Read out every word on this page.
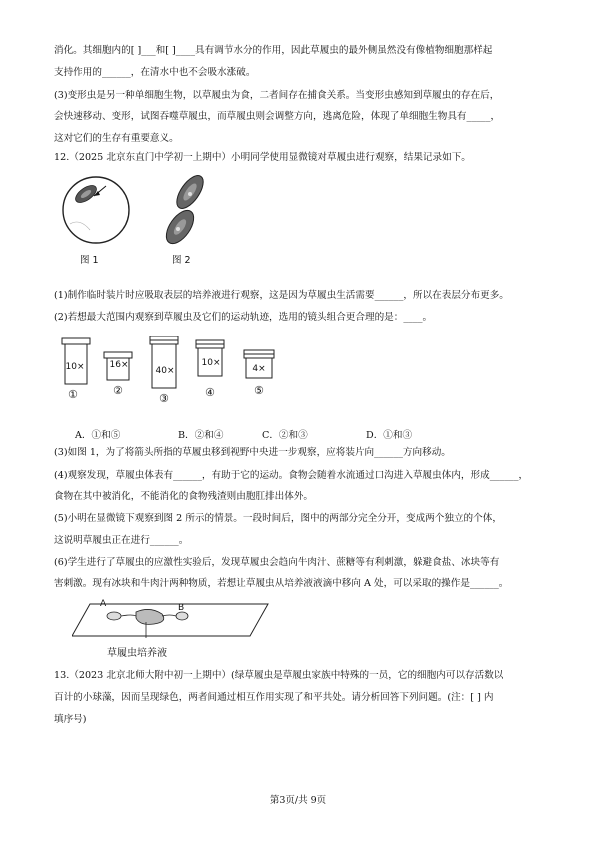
消化。其细胞内的[ ]___和[ ]____具有调节水分的作用，因此草履虫的最外侧虽然没有像植物细胞那样起
支持作用的______，在清水中也不会吸水涨破。
(3)变形虫是另一种单细胞生物，以草履虫为食，二者间存在捕食关系。当变形虫感知到草履虫的存在后，
会快速移动、变形，试图吞噬草履虫，而草履虫则会调整方向，逃离危险，体现了单细胞生物具有_____，
这对它们的生存有重要意义。
12.（2025 北京东直门中学初一上期中）小明同学使用显微镜对草履虫进行观察，结果记录如下。
图 1	图 2
(1)制作临时装片时应吸取表层的培养液进行观察，这是因为草履虫生活需要______，所以在表层分布更多。
(2)若想最大范围内观察到草履虫及它们的运动轨迹，选用的镜头组合更合理的是：____。
10×	16×
40×
10×
4×
①	②
③	④	⑤
A．①和⑤	B．②和④	C．②和③	D．①和③
(3)如图 1，为了将箭头所指的草履虫移到视野中央进一步观察，应将装片向______方向移动。
(4)观察发现，草履虫体表有______，有助于它的运动。食物会随着水流通过口沟进入草履虫体内，形成______，
食物在其中被消化，不能消化的食物残渣则由胞肛排出体外。
(5)小明在显微镜下观察到图 2 所示的情景。一段时间后，图中的两部分完全分开，变成两个独立的个体，
这说明草履虫正在进行______。
(6)学生进行了草履虫的应激性实验后，发现草履虫会趋向牛肉汁、蔗糖等有利刺激，躲避食盐、冰块等有
害刺激。现有冰块和牛肉汁两种物质，若想让草履虫从培养液液滴中移向 A 处，可以采取的操作是______。
A	B
草履虫培养液
13.（2023 北京北师大附中初一上期中）(绿草履虫是草履虫家族中特殊的一员，它的细胞内可以存活数以
百计的小球藻，因而呈现绿色，两者间通过相互作用实现了和平共处。请分析回答下列问题。(注：[ ] 内
填序号)
第3页/共 9页
